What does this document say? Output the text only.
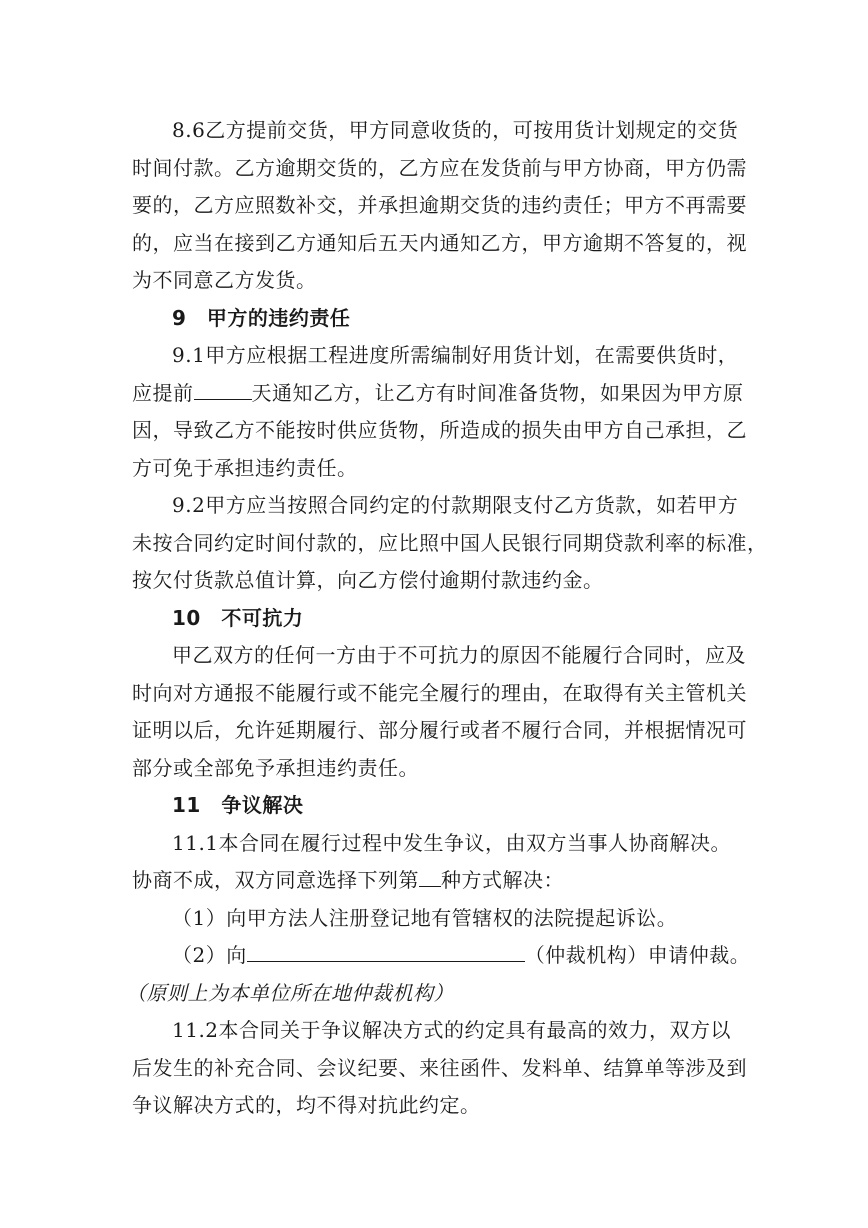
8.6乙方提前交货，甲方同意收货的，可按用货计划规定的交货
时间付款。乙方逾期交货的，乙方应在发货前与甲方协商，甲方仍需
要的，乙方应照数补交，并承担逾期交货的违约责任；甲方不再需要
的，应当在接到乙方通知后五天内通知乙方，甲方逾期不答复的，视
为不同意乙方发货。
9　甲方的违约责任
9.1甲方应根据工程进度所需编制好用货计划，在需要供货时，
应提前	天通知乙方，让乙方有时间准备货物，如果因为甲方原
因，导致乙方不能按时供应货物，所造成的损失由甲方自己承担，乙
方可免于承担违约责任。
9.2甲方应当按照合同约定的付款期限支付乙方货款，如若甲方
未按合同约定时间付款的，应比照中国人民银行同期贷款利率的标准，
按欠付货款总值计算，向乙方偿付逾期付款违约金。
10　不可抗力
甲乙双方的任何一方由于不可抗力的原因不能履行合同时，应及
时向对方通报不能履行或不能完全履行的理由，在取得有关主管机关
证明以后，允许延期履行、部分履行或者不履行合同，并根据情况可
部分或全部免予承担违约责任。
11　争议解决
11.1本合同在履行过程中发生争议，由双方当事人协商解决。
协商不成，双方同意选择下列第 种方式解决：
（1）向甲方法人注册登记地有管辖权的法院提起诉讼。
（2）向	（仲裁机构）申请仲裁。
（原则上为本单位所在地仲裁机构）
11.2本合同关于争议解决方式的约定具有最高的效力，双方以
后发生的补充合同、会议纪要、来往函件、发料单、结算单等涉及到
争议解决方式的，均不得对抗此约定。
